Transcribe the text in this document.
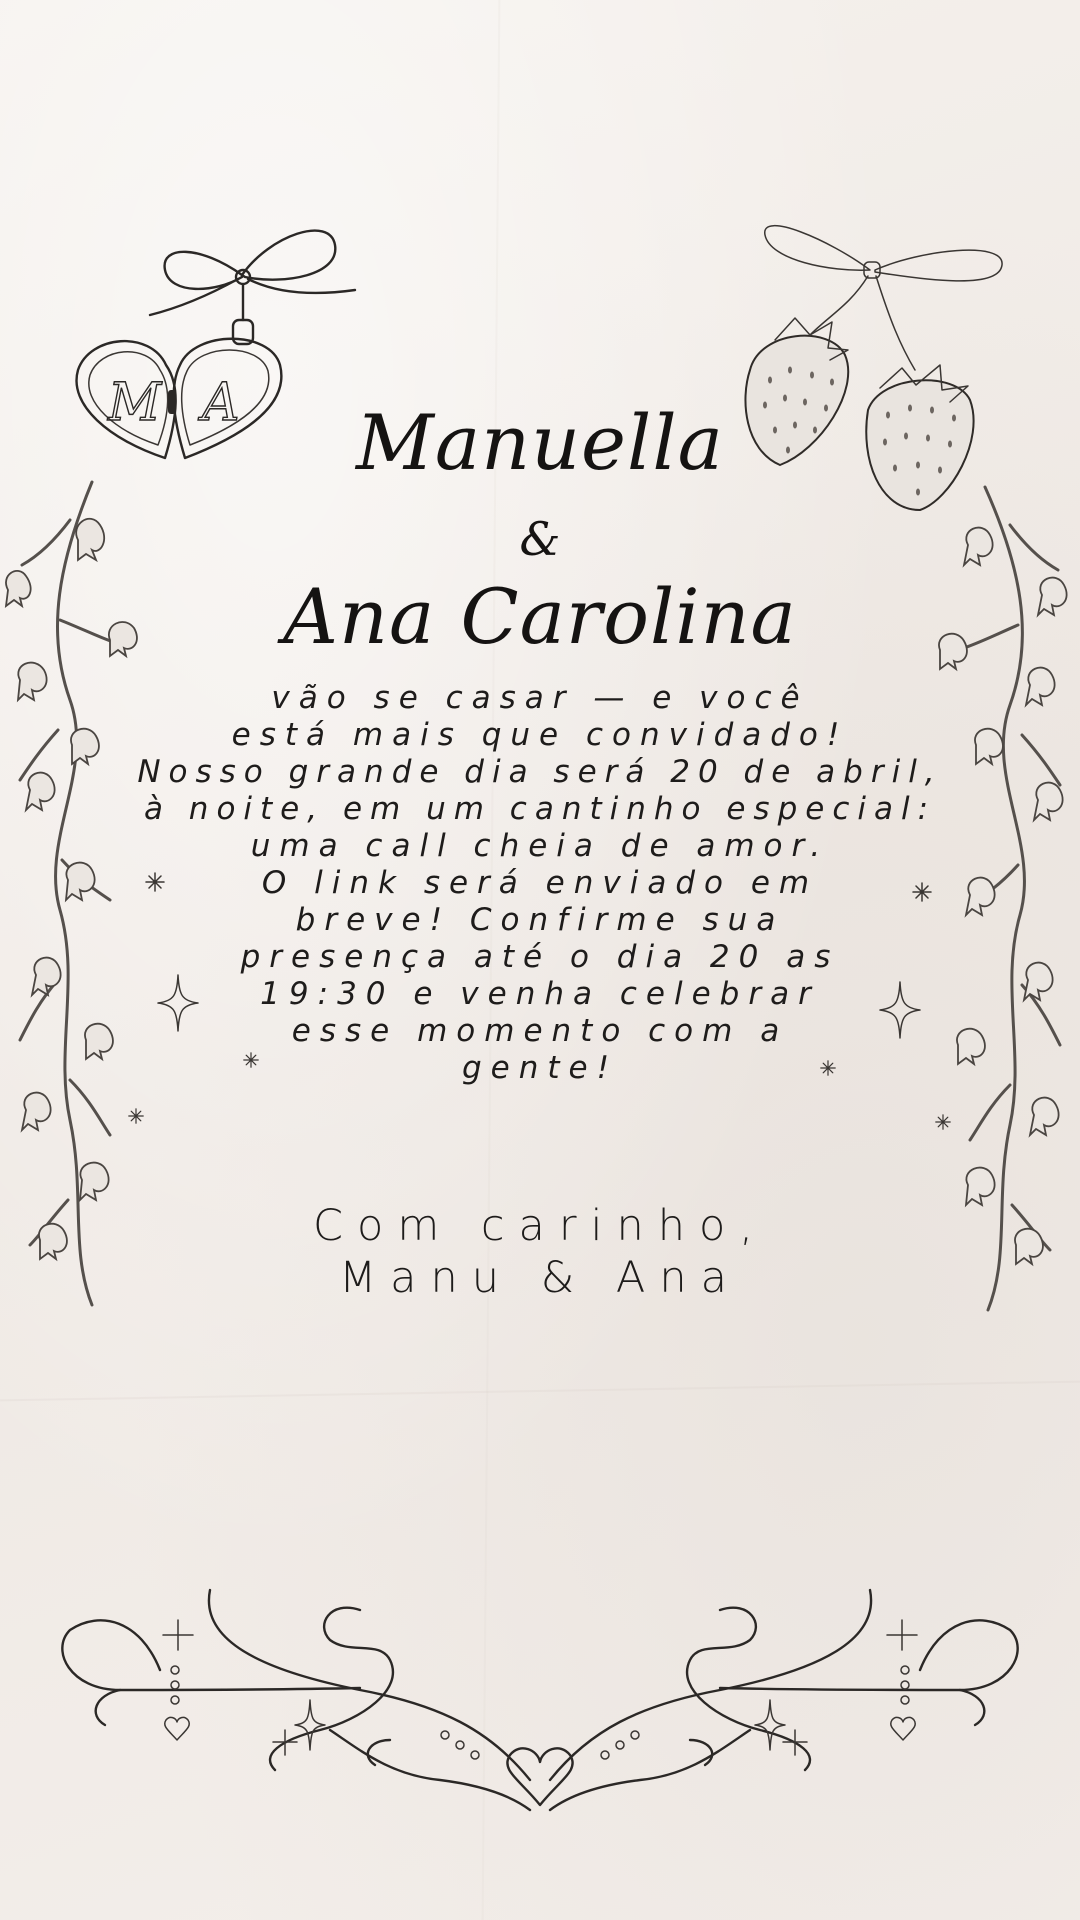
M A	Manuella
&
Ana Carolina

vão se casar — e você
está mais que convidado!
Nosso grande dia será 20 de abril,
à noite, em um cantinho especial:
uma call cheia de amor.
O link será enviado em
breve! Confirme sua
presença até o dia 20 as
19:30 e venha celebrar
esse momento com a
gente!

Com carinho,
Manu & Ana
